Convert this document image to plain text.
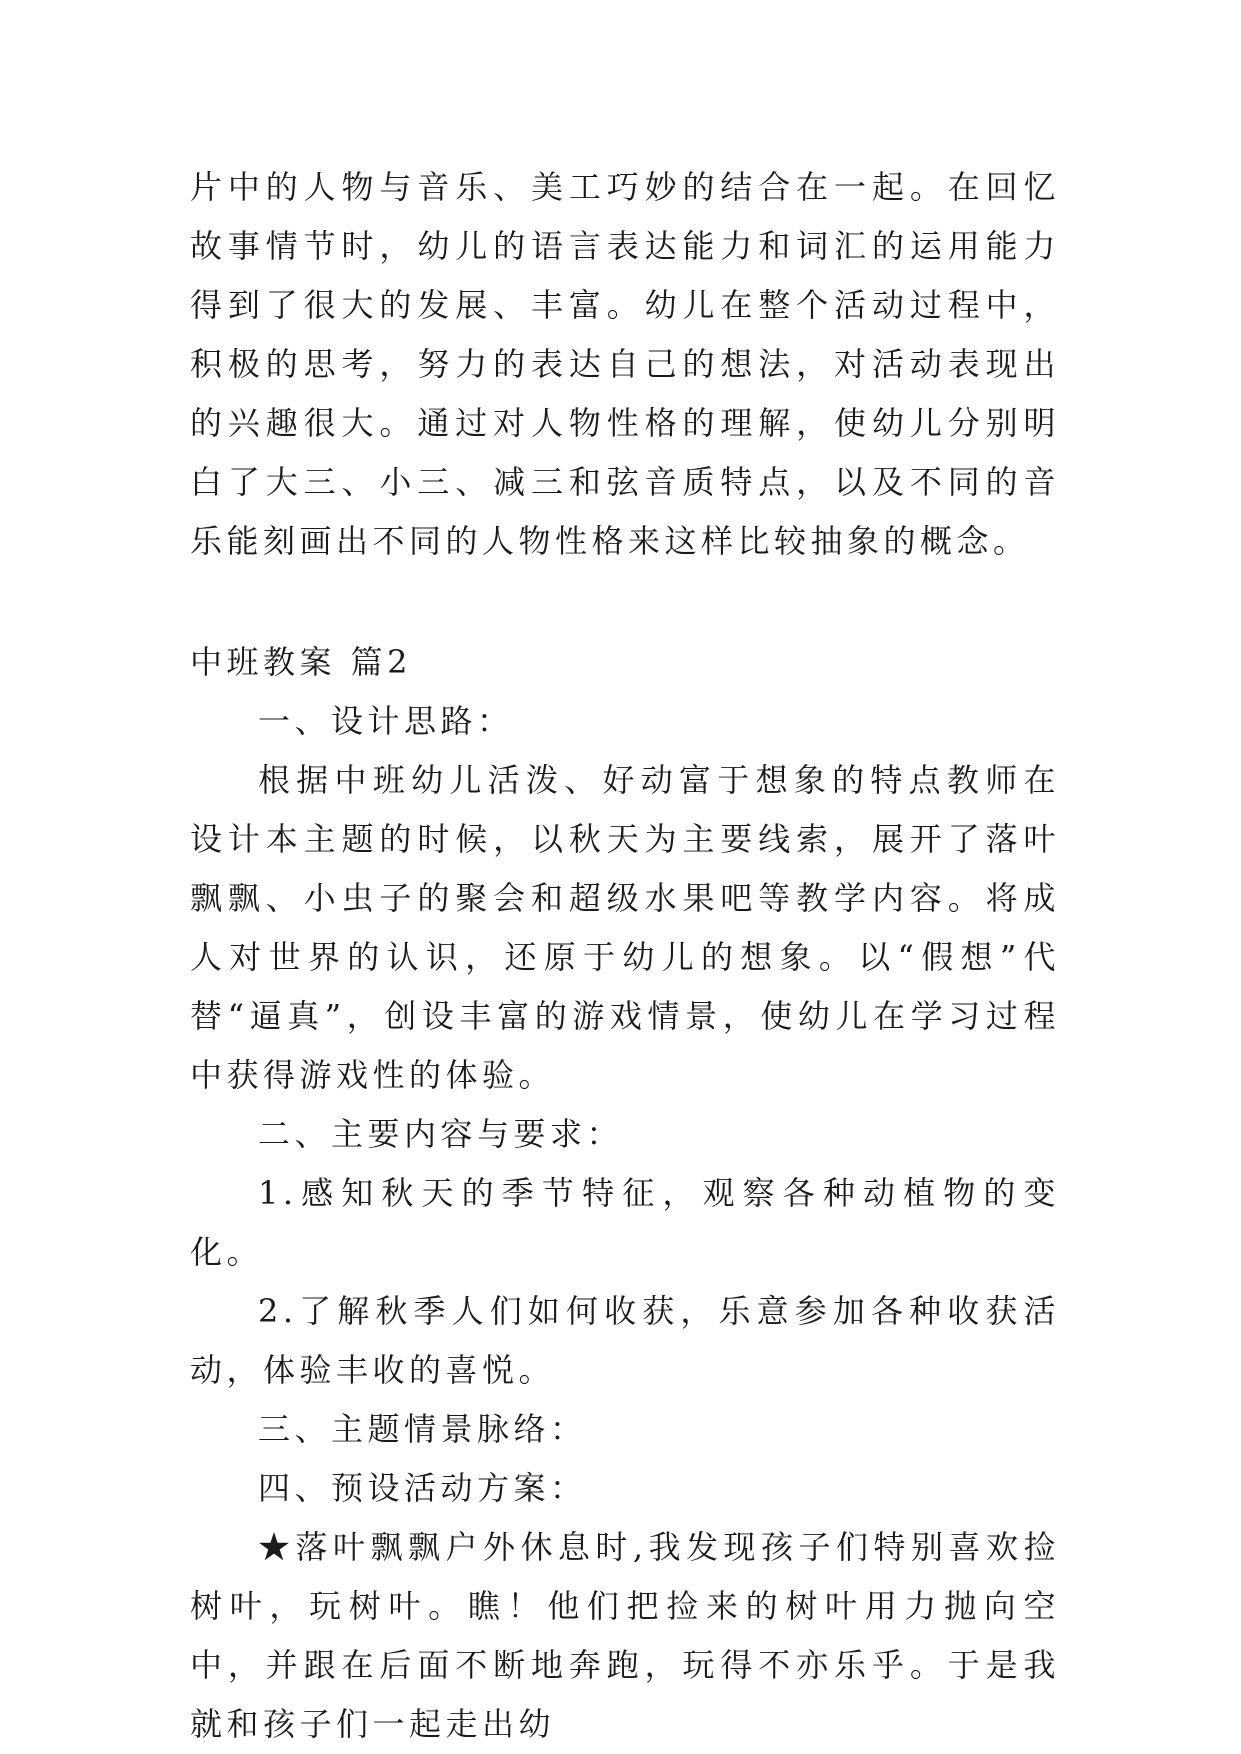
片中的人物与音乐、美工巧妙的结合在一起。在回忆故事情节时，幼儿的语言表达能力和词汇的运用能力得到了很大的发展、丰富。幼儿在整个活动过程中，积极的思考，努力的表达自己的想法，对活动表现出的兴趣很大。通过对人物性格的理解，使幼儿分别明白了大三、小三、减三和弦音质特点，以及不同的音乐能刻画出不同的人物性格来这样比较抽象的概念。

中班教案 篇2

一、设计思路：

根据中班幼儿活泼、好动富于想象的特点教师在设计本主题的时候，以秋天为主要线索，展开了落叶飘飘、小虫子的聚会和超级水果吧等教学内容。将成人对世界的认识，还原于幼儿的想象。以“假想”代替“逼真”，创设丰富的游戏情景，使幼儿在学习过程中获得游戏性的体验。

二、主要内容与要求：

1.感知秋天的季节特征，观察各种动植物的变化。

2.了解秋季人们如何收获，乐意参加各种收获活动，体验丰收的喜悦。

三、主题情景脉络：

四、预设活动方案：

★落叶飘飘户外休息时,我发现孩子们特别喜欢捡树叶，玩树叶。瞧！他们把捡来的树叶用力抛向空中，并跟在后面不断地奔跑，玩得不亦乐乎。于是我就和孩子们一起走出幼
